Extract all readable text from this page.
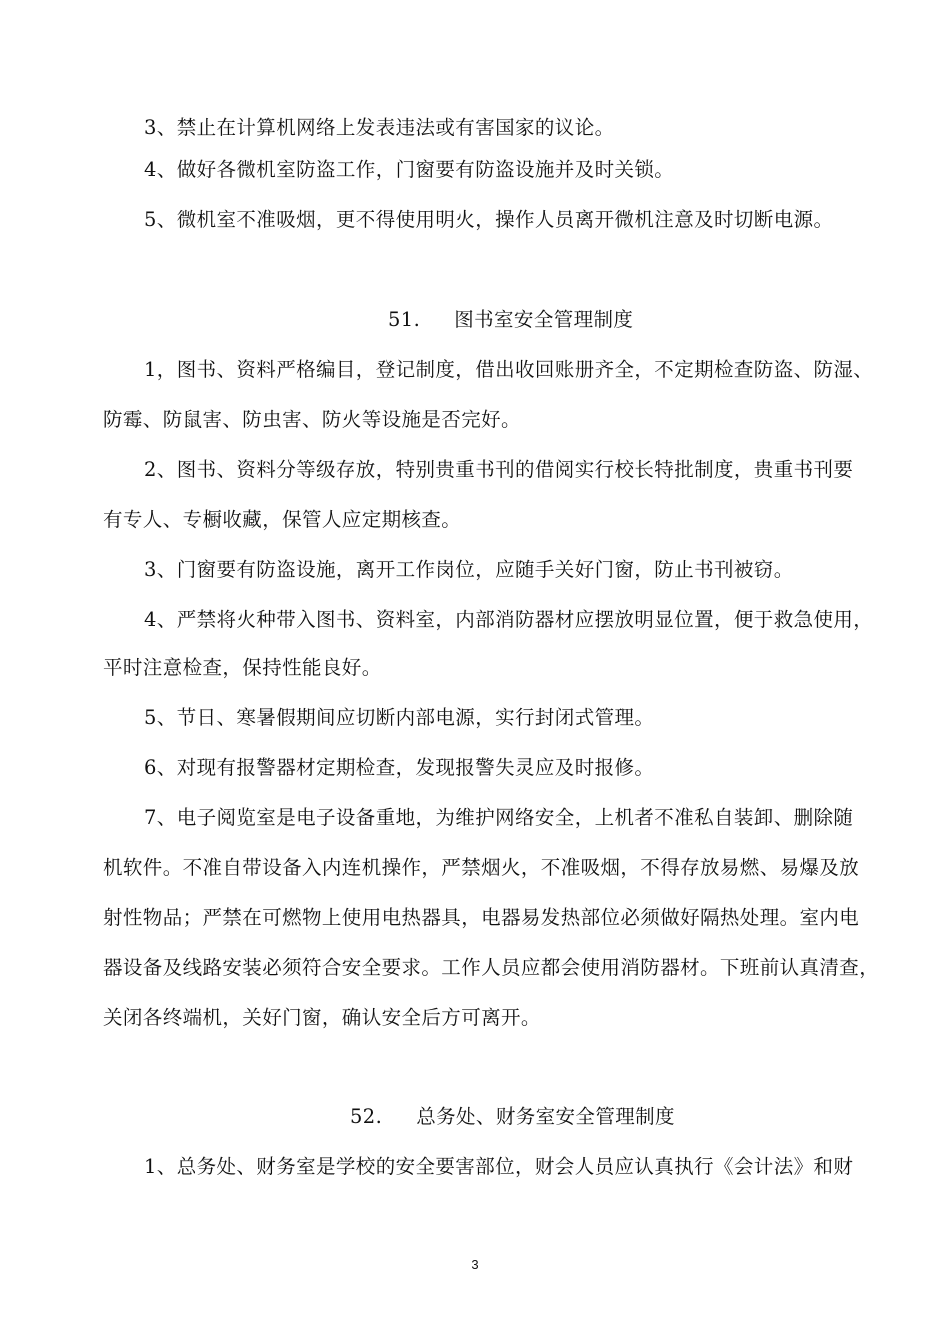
3、禁止在计算机网络上发表违法或有害国家的议论。
4、做好各微机室防盗工作，门窗要有防盗设施并及时关锁。
5、微机室不准吸烟，更不得使用明火，操作人员离开微机注意及时切断电源。
51. 图书室安全管理制度
1，图书、资料严格编目，登记制度，借出收回账册齐全，不定期检查防盗、防湿、
防霉、防鼠害、防虫害、防火等设施是否完好。
2、图书、资料分等级存放，特别贵重书刊的借阅实行校长特批制度，贵重书刊要
有专人、专橱收藏，保管人应定期核查。
3、门窗要有防盗设施，离开工作岗位，应随手关好门窗，防止书刊被窃。
4、严禁将火种带入图书、资料室，内部消防器材应摆放明显位置，便于救急使用，
平时注意检查，保持性能良好。
5、节日、寒暑假期间应切断内部电源，实行封闭式管理。
6、对现有报警器材定期检查，发现报警失灵应及时报修。
7、电子阅览室是电子设备重地，为维护网络安全，上机者不准私自装卸、删除随
机软件。不准自带设备入内连机操作，严禁烟火，不准吸烟，不得存放易燃、易爆及放
射性物品；严禁在可燃物上使用电热器具，电器易发热部位必须做好隔热处理。室内电
器设备及线路安装必须符合安全要求。工作人员应都会使用消防器材。下班前认真清查，
关闭各终端机，关好门窗，确认安全后方可离开。
52. 总务处、财务室安全管理制度
1、总务处、财务室是学校的安全要害部位，财会人员应认真执行《会计法》和财
3
